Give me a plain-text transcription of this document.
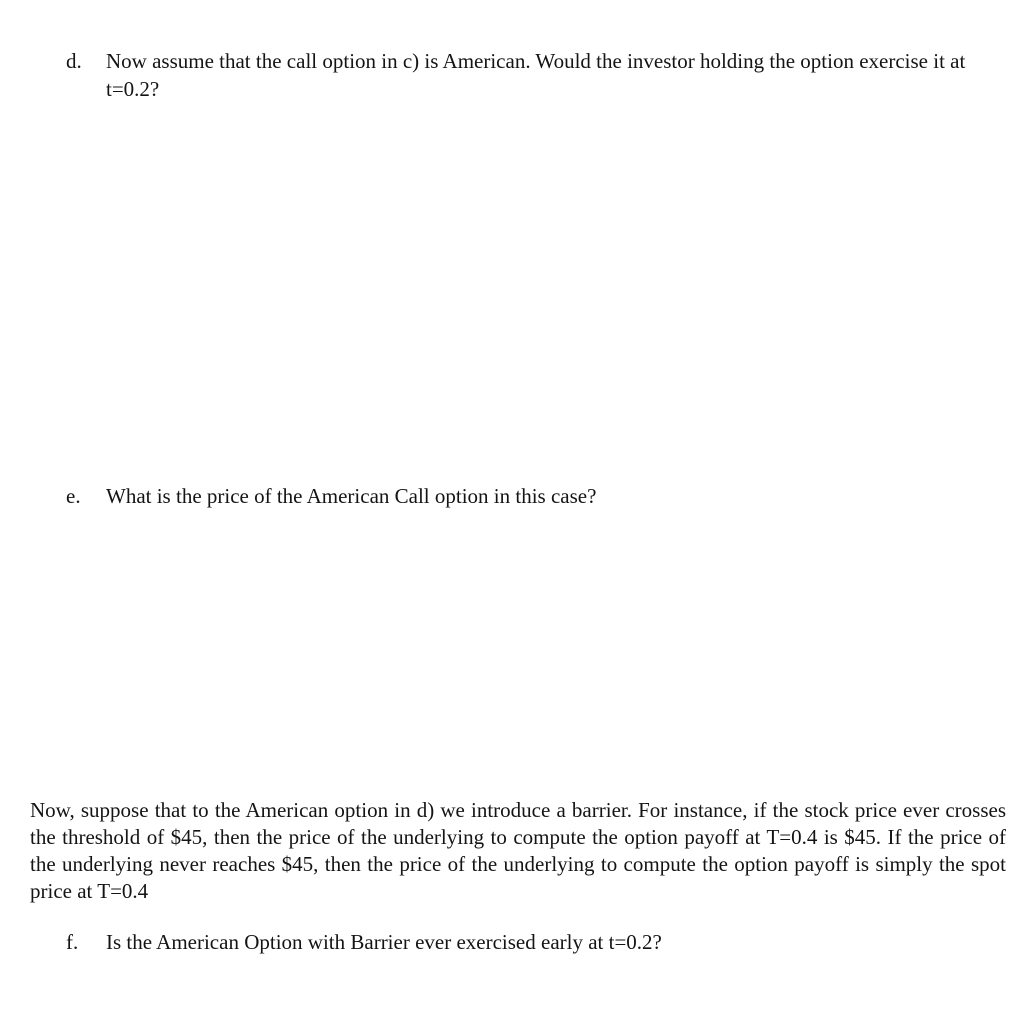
d. Now assume that the call option in c) is American. Would the investor holding the option exercise it at t=0.2?
e. What is the price of the American Call option in this case?

Now, suppose that to the American option in d) we introduce a barrier. For instance, if the stock price ever crosses the threshold of $45, then the price of the underlying to compute the option payoff at T=0.4 is $45. If the price of the underlying never reaches $45, then the price of the underlying to compute the option payoff is simply the spot price at T=0.4

f. Is the American Option with Barrier ever exercised early at t=0.2?
